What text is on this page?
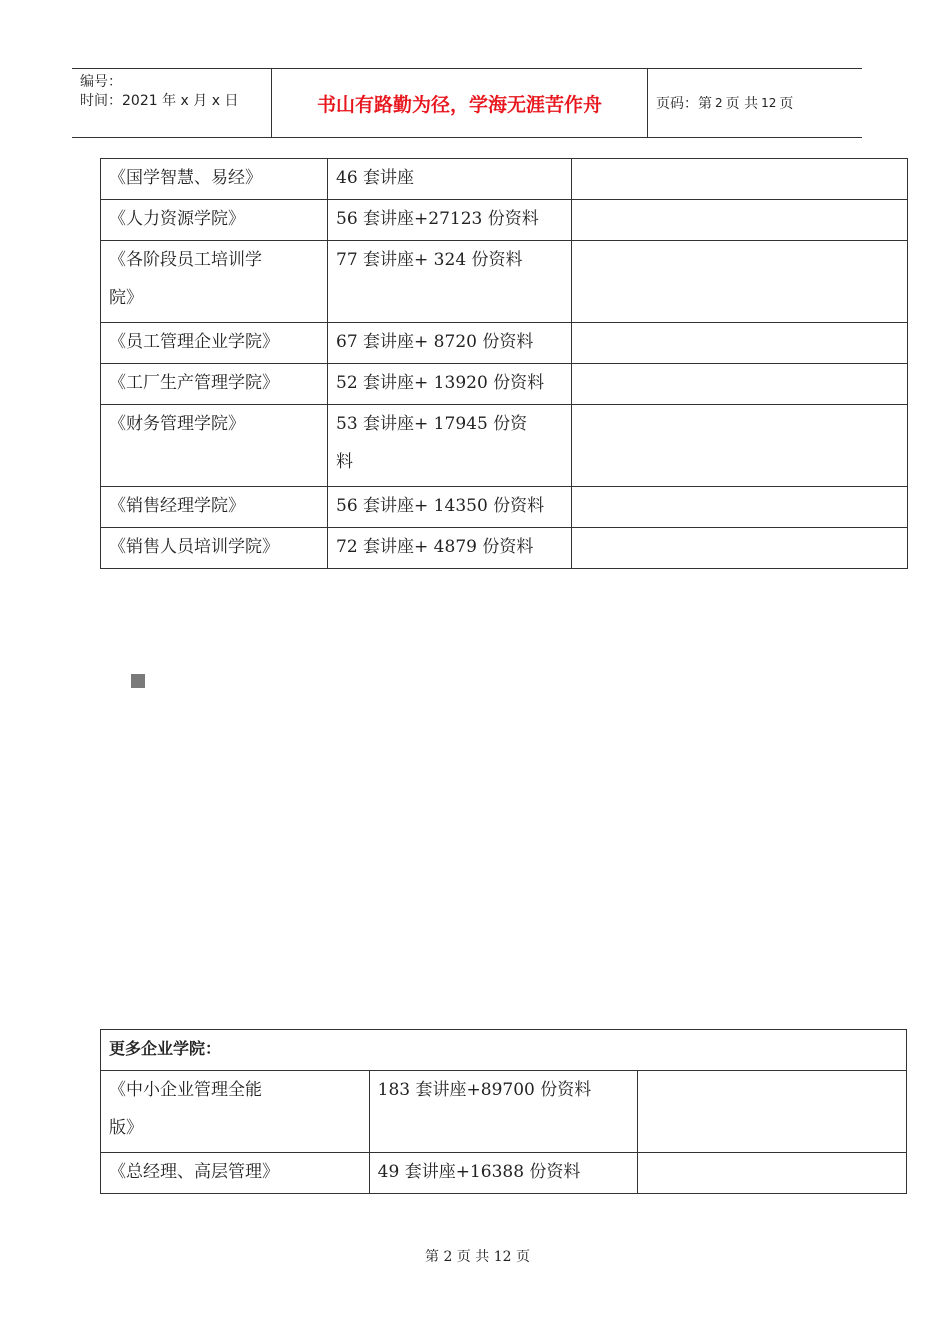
编号：
时间：2021 年 x 月 x 日	书山有路勤为径，学海无涯苦作舟	页码：第 2 页 共 12 页
《国学智慧、易经》	46 套讲座	
《人力资源学院》	56 套讲座+27123 份资料	

《各阶段员工培训学
院》	77 套讲座+ 324 份资料	

《员工管理企业学院》	67 套讲座+ 8720 份资料	
《工厂生产管理学院》	52 套讲座+ 13920 份资料	

《财务管理学院》	53 套讲座+ 17945 份资
料	

《销售经理学院》	56 套讲座+ 14350 份资料	
《销售人员培训学院》	72 套讲座+ 4879 份资料	
更多企业学院：		

《中小企业管理全能
版》	183 套讲座+89700 份资料	

《总经理、高层管理》	49 套讲座+16388 份资料	
第 2 页 共 12 页
